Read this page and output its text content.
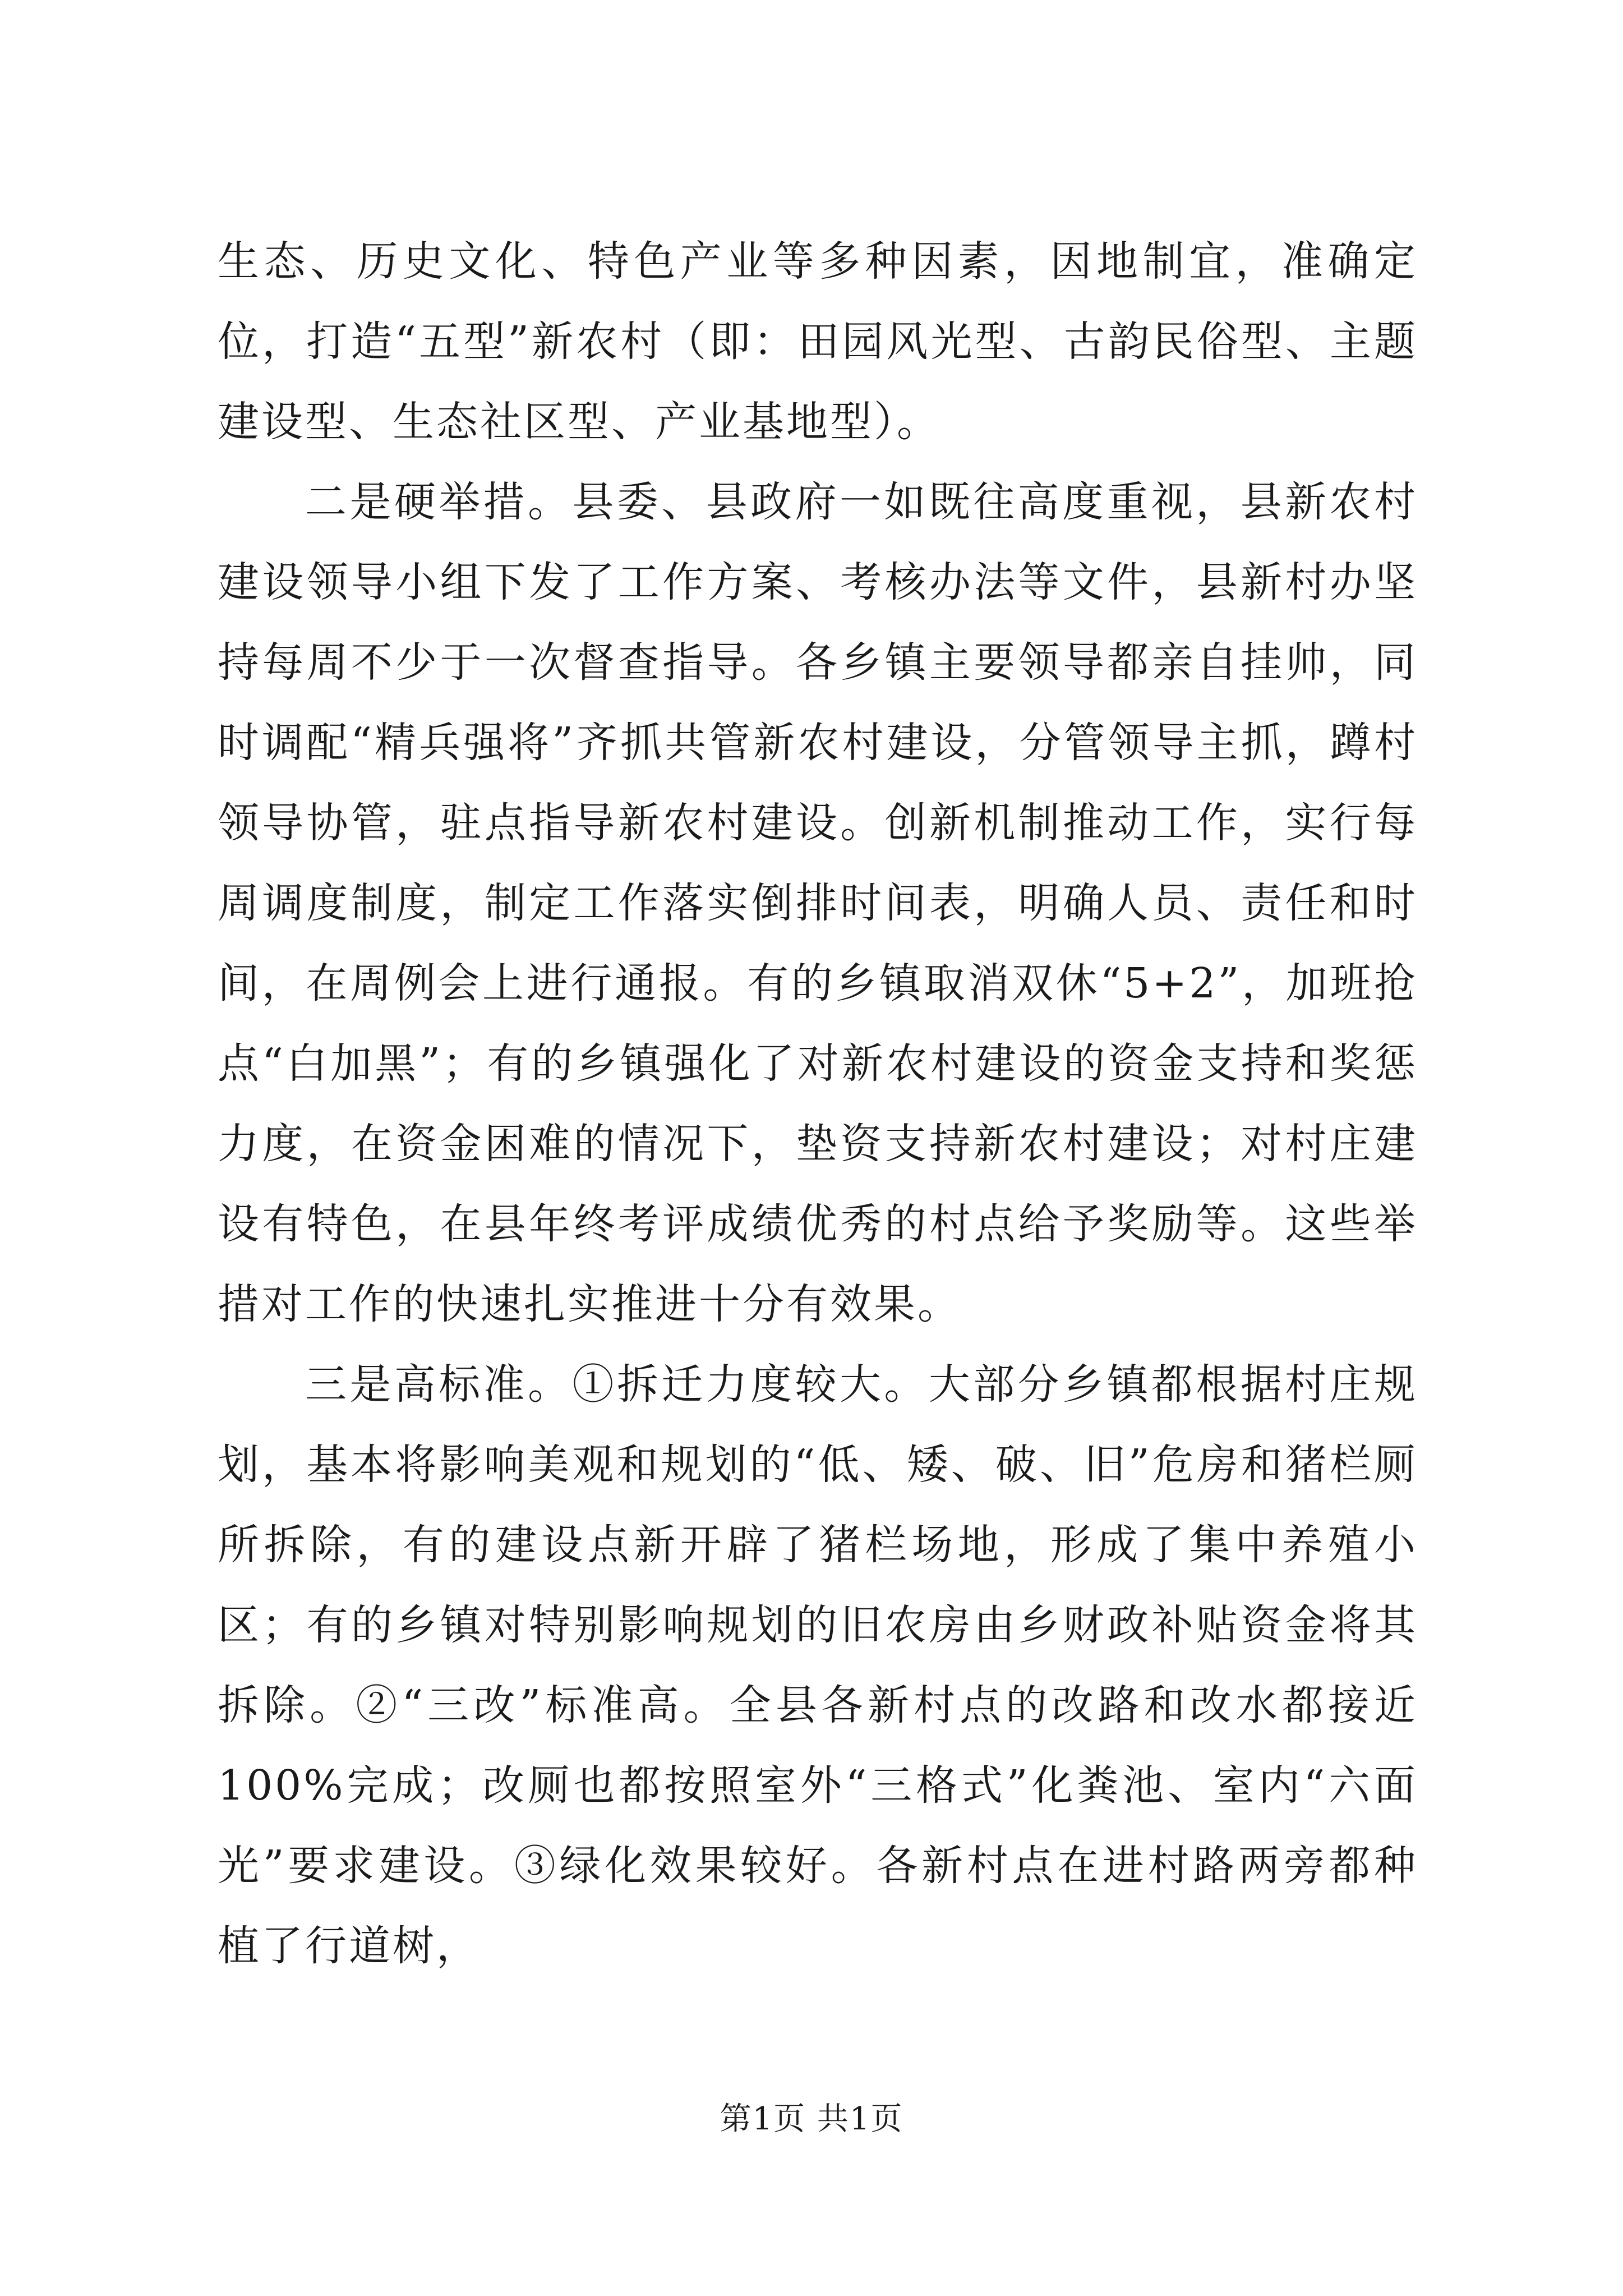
生态、历史文化、特色产业等多种因素，因地制宜，准确定位，打造“五型”新农村（即：田园风光型、古韵民俗型、主题建设型、生态社区型、产业基地型）。

二是硬举措。县委、县政府一如既往高度重视，县新农村建设领导小组下发了工作方案、考核办法等文件，县新村办坚持每周不少于一次督查指导。各乡镇主要领导都亲自挂帅，同时调配“精兵强将”齐抓共管新农村建设，分管领导主抓，蹲村领导协管，驻点指导新农村建设。创新机制推动工作，实行每周调度制度，制定工作落实倒排时间表，明确人员、责任和时间，在周例会上进行通报。有的乡镇取消双休“5+2”，加班抢点“白加黑”；有的乡镇强化了对新农村建设的资金支持和奖惩力度，在资金困难的情况下，垫资支持新农村建设；对村庄建设有特色，在县年终考评成绩优秀的村点给予奖励等。这些举措对工作的快速扎实推进十分有效果。

三是高标准。①拆迁力度较大。大部分乡镇都根据村庄规划，基本将影响美观和规划的“低、矮、破、旧”危房和猪栏厕所拆除，有的建设点新开辟了猪栏场地，形成了集中养殖小区；有的乡镇对特别影响规划的旧农房由乡财政补贴资金将其拆除。②“三改”标准高。全县各新村点的改路和改水都接近100%完成；改厕也都按照室外“三格式”化粪池、室内“六面光”要求建设。③绿化效果较好。各新村点在进村路两旁都种植了行道树，

第1页 共1页
